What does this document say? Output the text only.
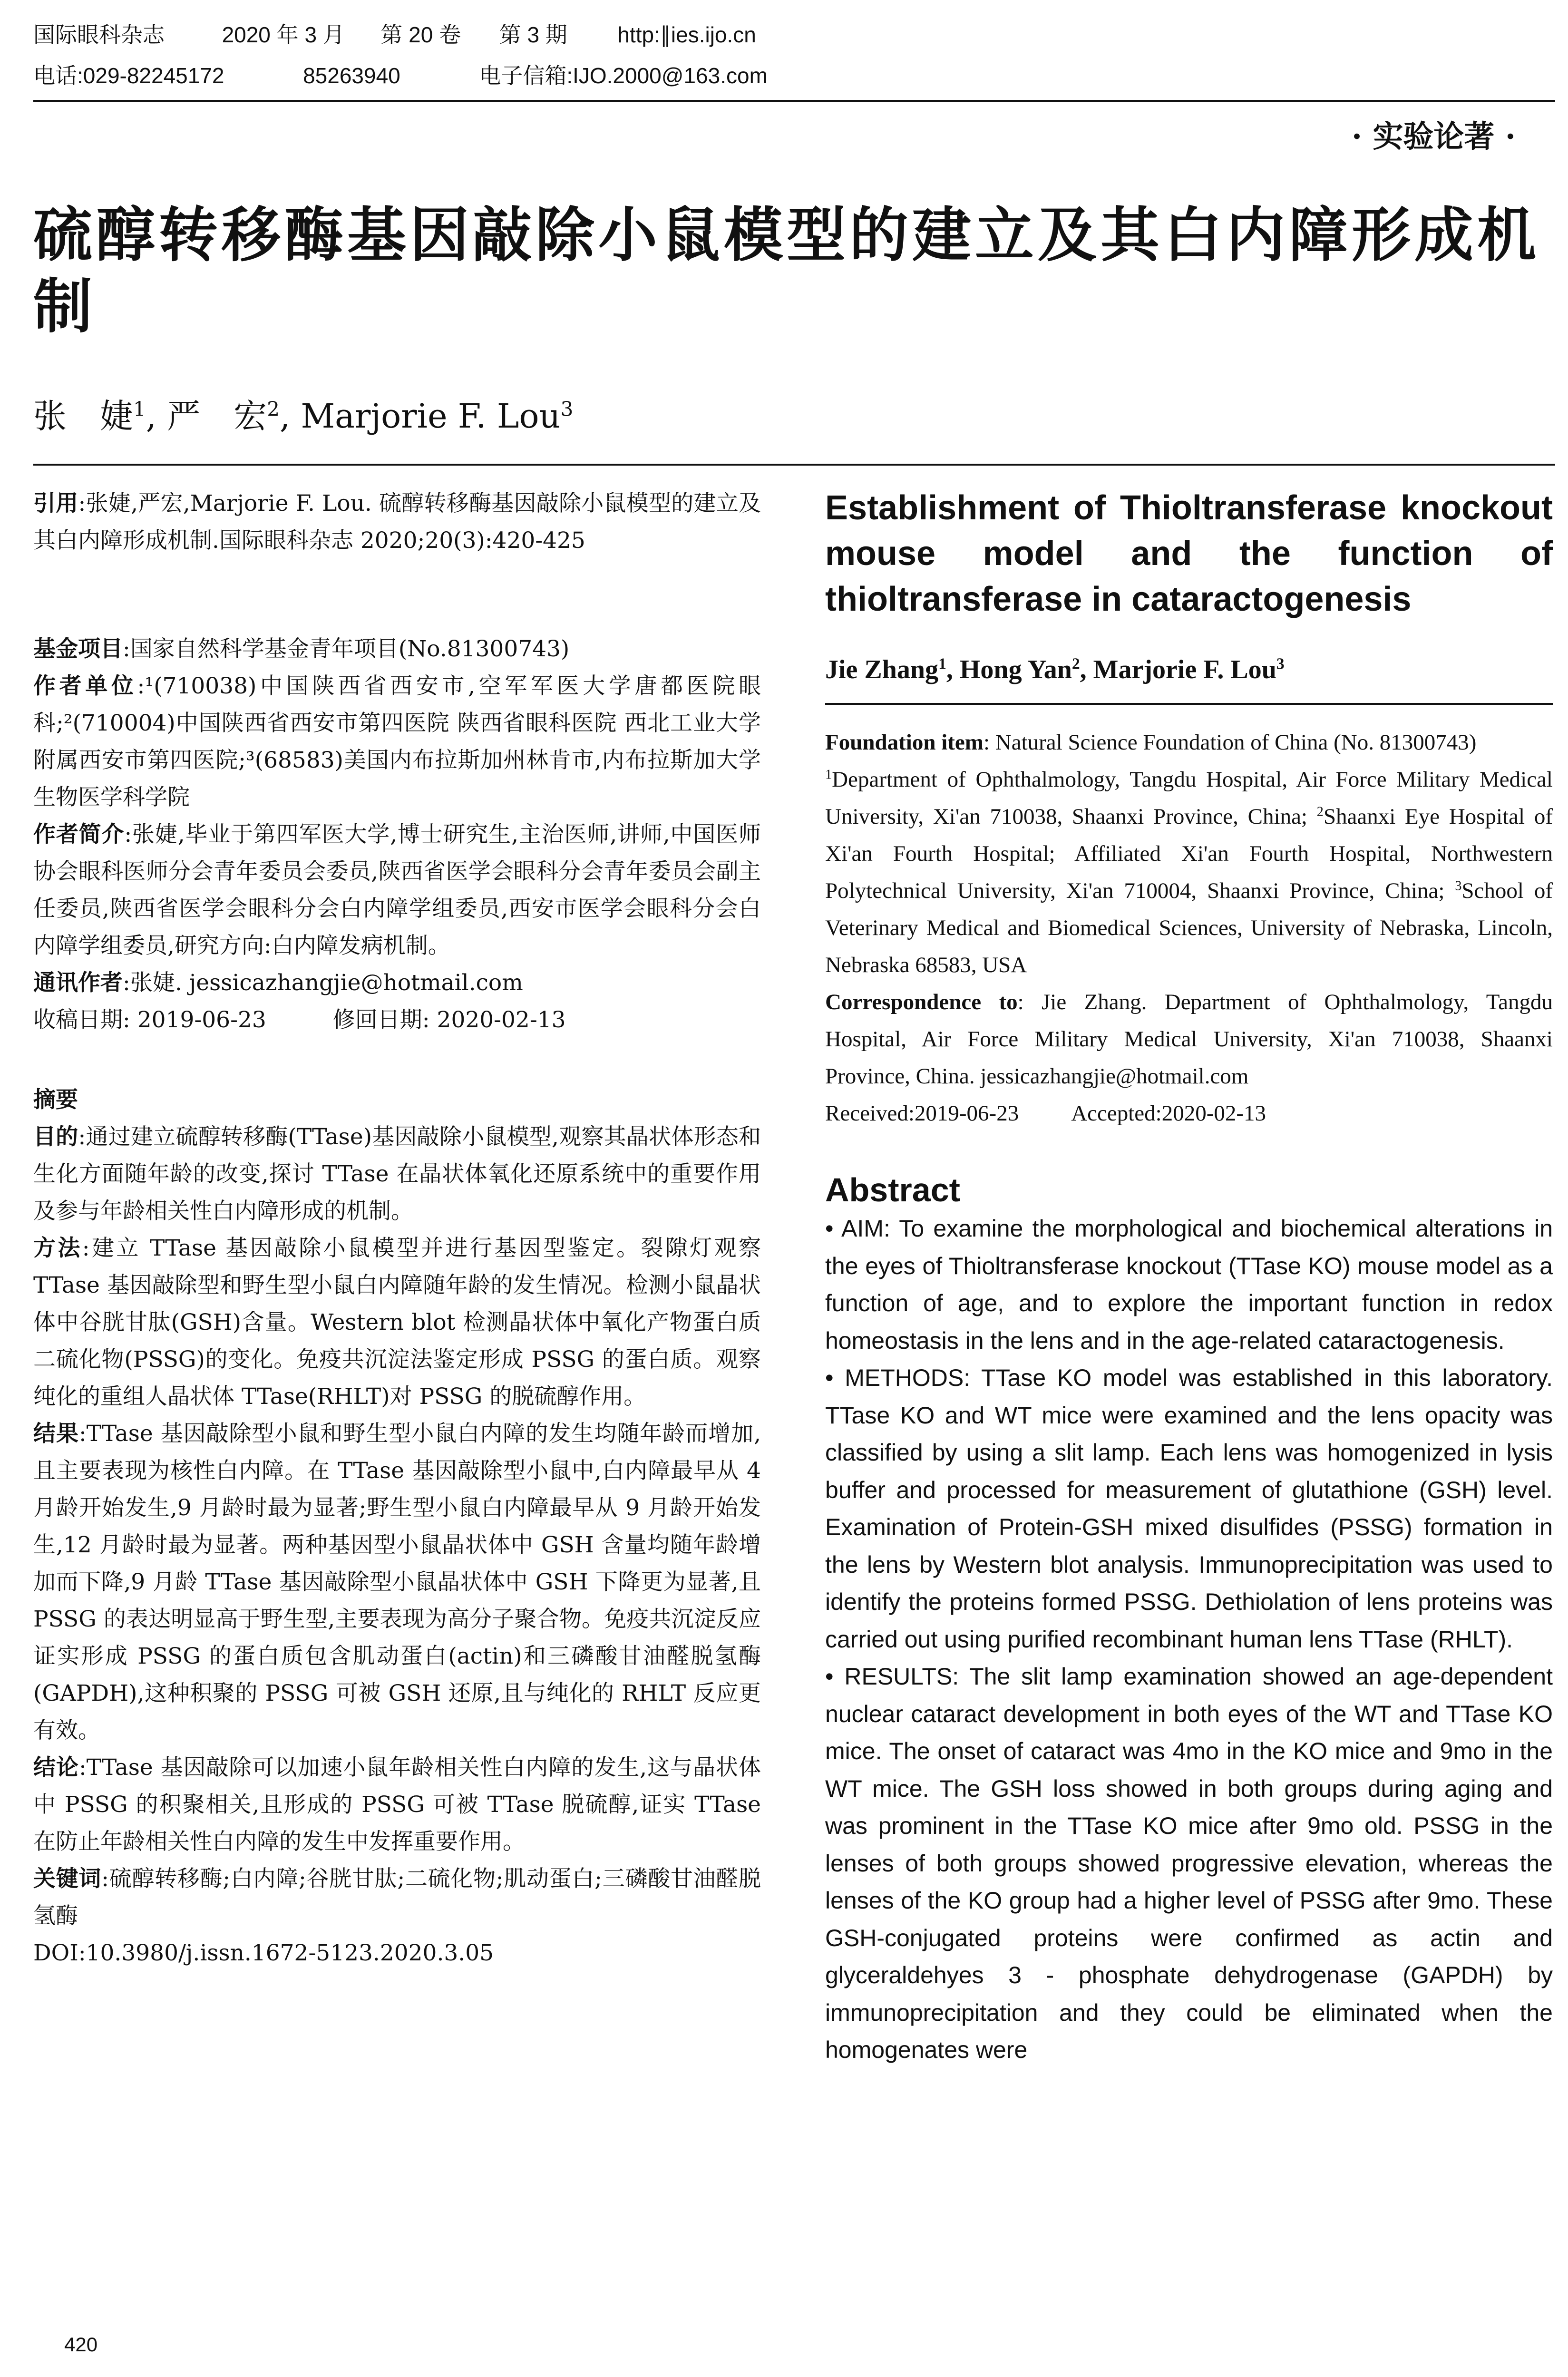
国际眼科杂志	2020 年 3 月 第 20 卷 第 3 期 http:∥ies.ijo.cn
电话:029-82245172	85263940	电子信箱:IJO.2000@163.com
· 实验论著 ·
硫醇转移酶基因敲除小鼠模型的建立及其白内障形成机制
张　婕$^1$, 严　宏$^2$, Marjorie F. Lou$^3$

引用:张婕,严宏,Marjorie F. Lou. 硫醇转移酶基因敲除小鼠模型的建立及其白内障形成机制.国际眼科杂志 2020;20(3):420-425

基金项目:国家自然科学基金青年项目(No.81300743)

作者单位:¹(710038)中国陕西省西安市,空军军医大学唐都医院眼科;²(710004)中国陕西省西安市第四医院 陕西省眼科医院 西北工业大学附属西安市第四医院;³(68583)美国内布拉斯加州林肯市,内布拉斯加大学生物医学科学院

作者简介:张婕,毕业于第四军医大学,博士研究生,主治医师,讲师,中国医师协会眼科医师分会青年委员会委员,陕西省医学会眼科分会青年委员会副主任委员,陕西省医学会眼科分会白内障学组委员,西安市医学会眼科分会白内障学组委员,研究方向:白内障发病机制。

通讯作者:张婕. jessicazhangjie@hotmail.com

收稿日期: 2019-06-23	修回日期: 2020-02-13

摘要

目的:通过建立硫醇转移酶(TTase)基因敲除小鼠模型,观察其晶状体形态和生化方面随年龄的改变,探讨 TTase 在晶状体氧化还原系统中的重要作用及参与年龄相关性白内障形成的机制。

方法:建立 TTase 基因敲除小鼠模型并进行基因型鉴定。裂隙灯观察 TTase 基因敲除型和野生型小鼠白内障随年龄的发生情况。检测小鼠晶状体中谷胱甘肽(GSH)含量。Western blot 检测晶状体中氧化产物蛋白质二硫化物(PSSG)的变化。免疫共沉淀法鉴定形成 PSSG 的蛋白质。观察纯化的重组人晶状体 TTase(RHLT)对 PSSG 的脱硫醇作用。

结果:TTase 基因敲除型小鼠和野生型小鼠白内障的发生均随年龄而增加,且主要表现为核性白内障。在 TTase 基因敲除型小鼠中,白内障最早从 4 月龄开始发生,9 月龄时最为显著;野生型小鼠白内障最早从 9 月龄开始发生,12 月龄时最为显著。两种基因型小鼠晶状体中 GSH 含量均随年龄增加而下降,9 月龄 TTase 基因敲除型小鼠晶状体中 GSH 下降更为显著,且 PSSG 的表达明显高于野生型,主要表现为高分子聚合物。免疫共沉淀反应证实形成 PSSG 的蛋白质包含肌动蛋白(actin)和三磷酸甘油醛脱氢酶(GAPDH),这种积聚的 PSSG 可被 GSH 还原,且与纯化的 RHLT 反应更有效。

结论:TTase 基因敲除可以加速小鼠年龄相关性白内障的发生,这与晶状体中 PSSG 的积聚相关,且形成的 PSSG 可被 TTase 脱硫醇,证实 TTase 在防止年龄相关性白内障的发生中发挥重要作用。

关键词:硫醇转移酶;白内障;谷胱甘肽;二硫化物;肌动蛋白;三磷酸甘油醛脱氢酶

DOI:10.3980/j.issn.1672-5123.2020.3.05

Establishment of Thioltransferase knockout mouse model and the function of thioltransferase in cataractogenesis
Jie Zhang$^1$, Hong Yan$^2$, Marjorie F. Lou$^3$

Foundation item: Natural Science Foundation of China (No. 81300743)

$^1$Department of Ophthalmology, Tangdu Hospital, Air Force Military Medical University, Xi'an 710038, Shaanxi Province, China; $^2$Shaanxi Eye Hospital of Xi'an Fourth Hospital; Affiliated Xi'an Fourth Hospital, Northwestern Polytechnical University, Xi'an 710004, Shaanxi Province, China; $^3$School of Veterinary Medical and Biomedical Sciences, University of Nebraska, Lincoln, Nebraska 68583, USA

Correspondence to: Jie Zhang. Department of Ophthalmology, Tangdu Hospital, Air Force Military Medical University, Xi'an 710038, Shaanxi Province, China. jessicazhangjie@hotmail.com

Received:2019-06-23 Accepted:2020-02-13

Abstract

• AIM: To examine the morphological and biochemical alterations in the eyes of Thioltransferase knockout (TTase KO) mouse model as a function of age, and to explore the important function in redox homeostasis in the lens and in the age-related cataractogenesis.

• METHODS: TTase KO model was established in this laboratory. TTase KO and WT mice were examined and the lens opacity was classified by using a slit lamp. Each lens was homogenized in lysis buffer and processed for measurement of glutathione (GSH) level. Examination of Protein-GSH mixed disulfides (PSSG) formation in the lens by Western blot analysis. Immunoprecipitation was used to identify the proteins formed PSSG. Dethiolation of lens proteins was carried out using purified recombinant human lens TTase (RHLT).

• RESULTS: The slit lamp examination showed an age-dependent nuclear cataract development in both eyes of the WT and TTase KO mice. The onset of cataract was 4mo in the KO mice and 9mo in the WT mice. The GSH loss showed in both groups during aging and was prominent in the TTase KO mice after 9mo old. PSSG in the lenses of both groups showed progressive elevation, whereas the lenses of the KO group had a higher level of PSSG after 9mo. These GSH-conjugated proteins were confirmed as actin and glyceraldehyes 3 - phosphate dehydrogenase (GAPDH) by immunoprecipitation and they could be eliminated when the homogenates were

420
